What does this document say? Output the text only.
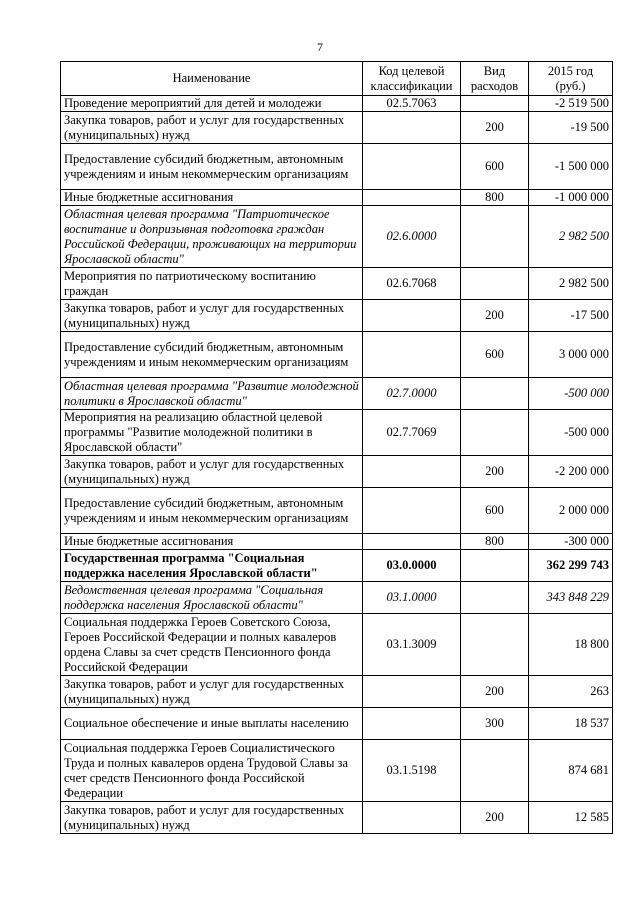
7
Наименование	Код целевой классификации	Вид расходов	2015 год (руб.)
Проведение мероприятий для детей и молодежи	02.5.7063		-2 519 500
Закупка товаров, работ и услуг для государственных (муниципальных) нужд		200	-19 500
Предоставление субсидий бюджетным, автономным учреждениям и иным некоммерческим организациям		600	-1 500 000
Иные бюджетные ассигнования		800	-1 000 000
Областная целевая программа "Патриотическое воспитание и допризывная подготовка граждан Российской Федерации, проживающих на территории Ярославской области"	02.6.0000		2 982 500
Мероприятия по патриотическому воспитанию граждан	02.6.7068		2 982 500
Закупка товаров, работ и услуг для государственных (муниципальных) нужд		200	-17 500
Предоставление субсидий бюджетным, автономным учреждениям и иным некоммерческим организациям		600	3 000 000
Областная целевая программа "Развитие молодежной политики в Ярославской области"	02.7.0000		-500 000
Мероприятия на реализацию областной целевой программы "Развитие молодежной политики в Ярославской области"	02.7.7069		-500 000
Закупка товаров, работ и услуг для государственных (муниципальных) нужд		200	-2 200 000
Предоставление субсидий бюджетным, автономным учреждениям и иным некоммерческим организациям		600	2 000 000
Иные бюджетные ассигнования		800	-300 000
Государственная программа "Социальная поддержка населения Ярославской области"	03.0.0000		362 299 743
Ведомственная целевая программа "Социальная поддержка населения Ярославской области"	03.1.0000		343 848 229
Социальная поддержка Героев Советского Союза, Героев Российской Федерации и полных кавалеров ордена Славы за счет средств Пенсионного фонда Российской Федерации	03.1.3009		18 800
Закупка товаров, работ и услуг для государственных (муниципальных) нужд		200	263
Социальное обеспечение и иные выплаты населению		300	18 537
Социальная поддержка Героев Социалистического Труда и полных кавалеров ордена Трудовой Славы за счет средств Пенсионного фонда Российской Федерации	03.1.5198		874 681
Закупка товаров, работ и услуг для государственных (муниципальных) нужд		200	12 585
